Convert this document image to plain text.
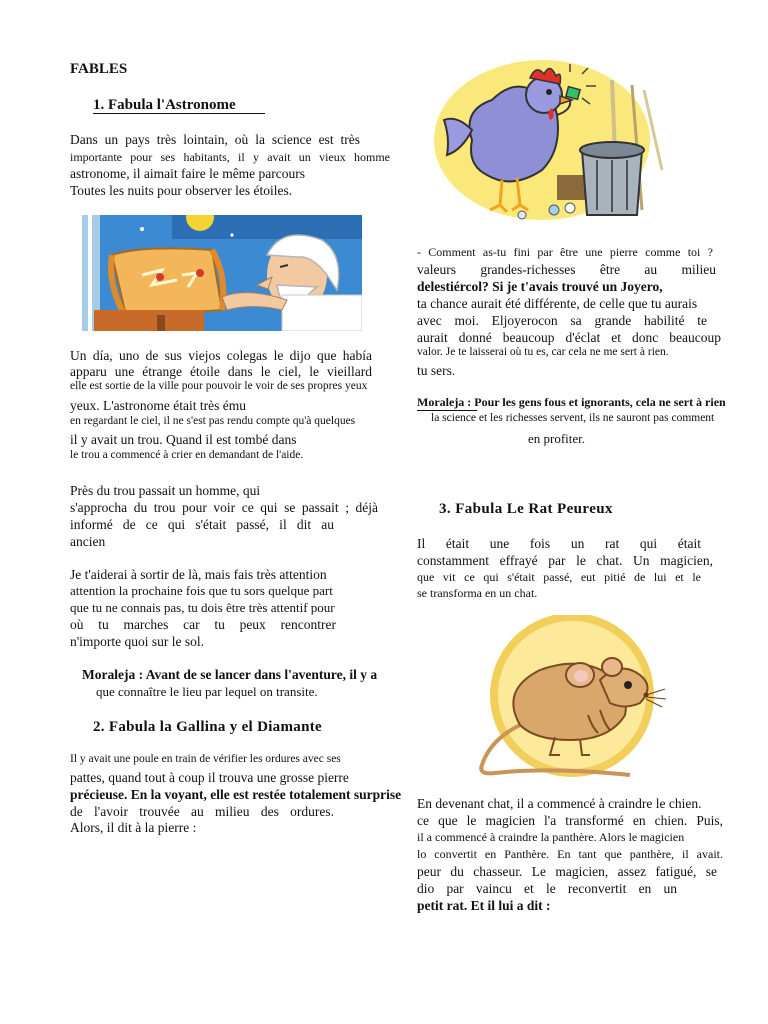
FABLES
1. Fabula l'Astronome
Dans un pays très lointain, où la science est très
importante pour ses habitants, il y avait un vieux homme
astronome, il aimait faire le même parcours
Toutes les nuits pour observer les étoiles.
Un día, uno de sus viejos colegas le dijo que había
apparu une étrange étoile dans le ciel, le vieillard
elle est sortie de la ville pour pouvoir le voir de ses propres yeux
yeux. L'astronome était très ému
en regardant le ciel, il ne s'est pas rendu compte qu'à quelques
il y avait un trou. Quand il est tombé dans
le trou a commencé à crier en demandant de l'aide.
Près du trou passait un homme, qui
s'approcha du trou pour voir ce qui se passait ; déjà
informé de ce qui s'était passé, il dit au
ancien
Je t'aiderai à sortir de là, mais fais très attention
attention la prochaine fois que tu sors quelque part
que tu ne connais pas, tu dois être très attentif pour
où tu marches car tu peux rencontrer
n'importe quoi sur le sol.
Moraleja : Avant de se lancer dans l'aventure, il y a
que connaître le lieu par lequel on transite.
2. Fabula la Gallina y el Diamante
Il y avait une poule en train de vérifier les ordures avec ses
pattes, quand tout à coup il trouva une grosse pierre
précieuse. En la voyant, elle est restée totalement surprise
de l'avoir trouvée au milieu des ordures.
Alors, il dit à la pierre :
- Comment as-tu fini par être une pierre comme toi ?
valeurs grandes-richesses être au milieu
delestiércol? Si je t'avais trouvé un Joyero,
ta chance aurait été différente, de celle que tu aurais
avec moi. Eljoyerocon sa grande habilité te
aurait donné beaucoup d'éclat et donc beaucoup
valor. Je te laisserai où tu es, car cela ne me sert à rien.
tu sers.
Moraleja : Pour les gens fous et ignorants, cela ne sert à rien
la science et les richesses servent, ils ne sauront pas comment
en profiter.
3. Fabula Le Rat Peureux
Il était une fois un rat qui était
constamment effrayé par le chat. Un magicien,
que vit ce qui s'était passé, eut pitié de lui et le
se transforma en un chat.
En devenant chat, il a commencé à craindre le chien.
ce que le magicien l'a transformé en chien. Puis,
il a commencé à craindre la panthère. Alors le magicien
lo convertit en Panthère. En tant que panthère, il avait.
peur du chasseur. Le magicien, assez fatigué, se
dio par vaincu et le reconvertit en un
petit rat. Et il lui a dit :
